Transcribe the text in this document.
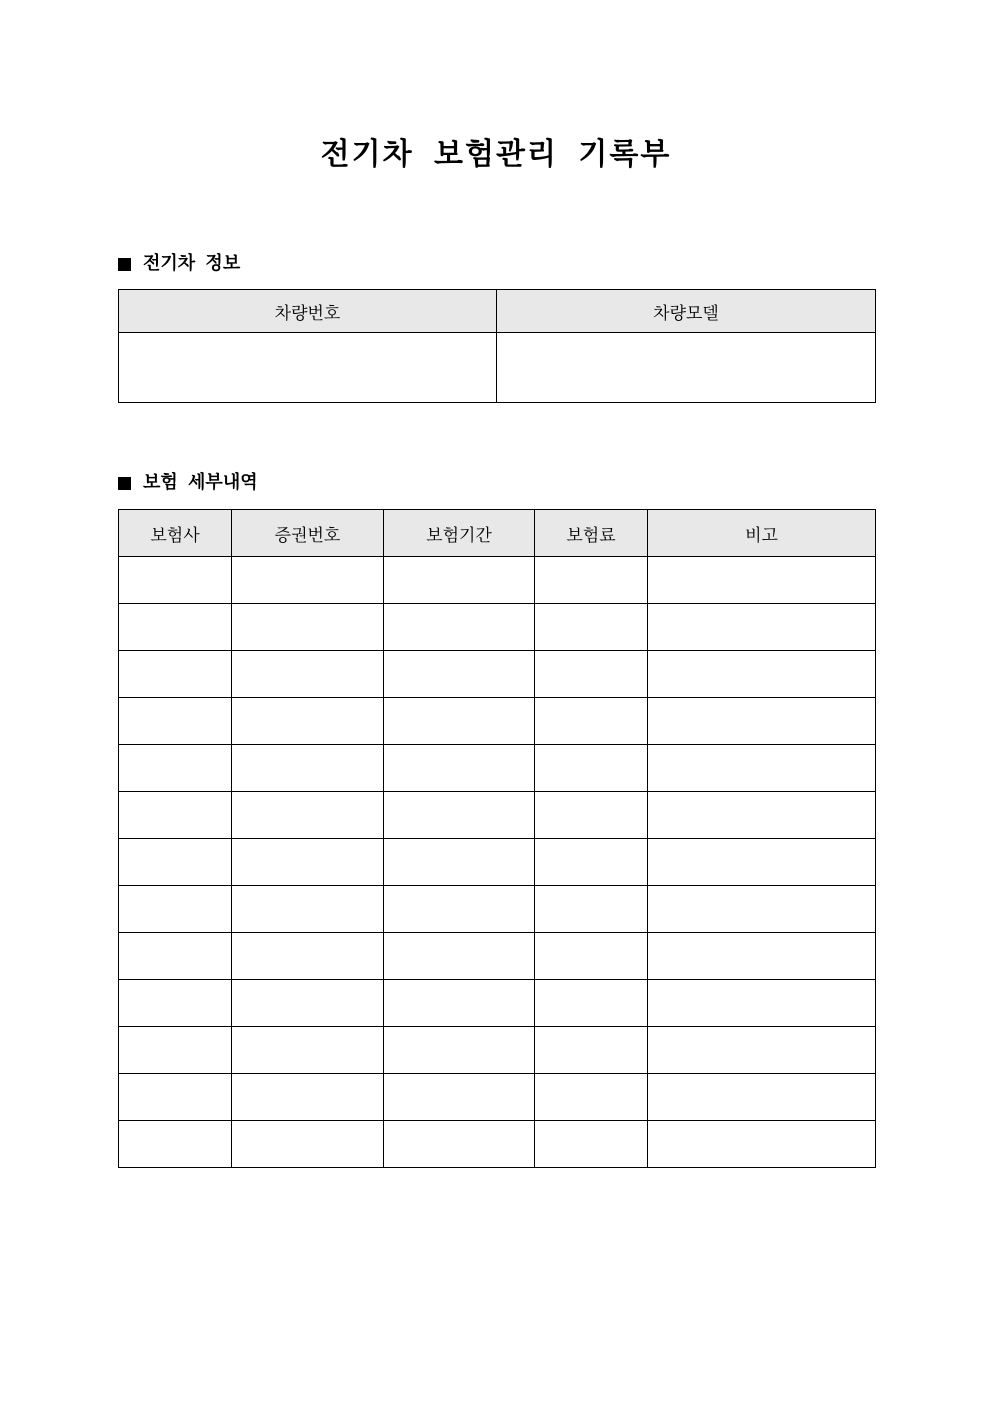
전기차 보험관리 기록부
전기차 정보
차량번호	차량모델

보험 세부내역
보험사	증권번호	보험기간	보험료	비고
